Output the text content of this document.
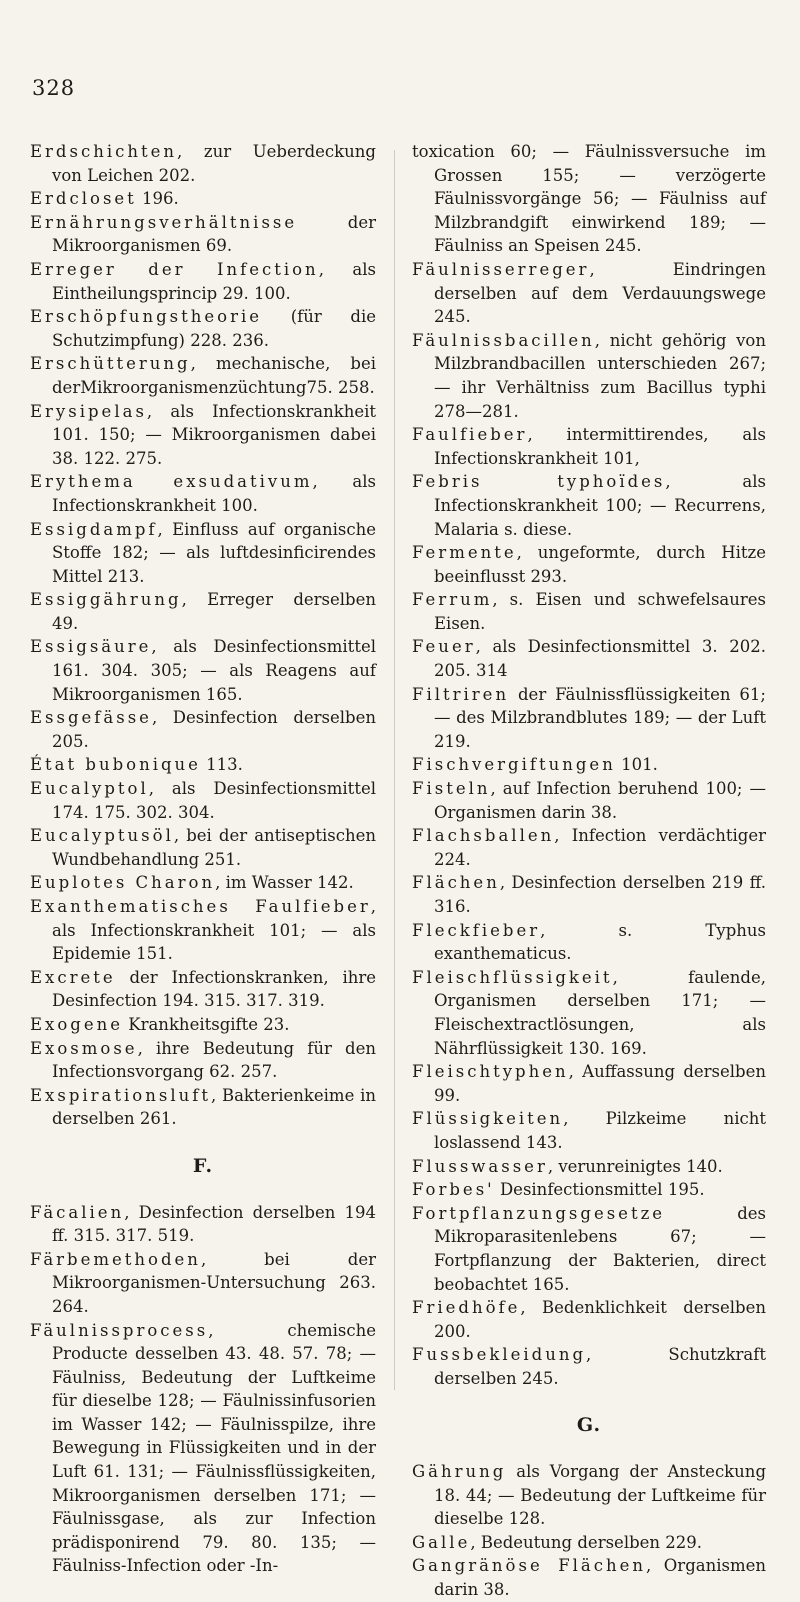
328
Erdschichten, zur Ueberdeckung von Leichen 202.
Erdcloset 196.
Ernährungsverhältnisse der Mikroorganismen 69.
Erreger der Infection, als Eintheilungsprincip 29. 100.
Erschöpfungstheorie (für die Schutzimpfung) 228. 236.
Erschütterung, mechanische, bei derMikroorganismenzüchtung75. 258.
Erysipelas, als Infectionskrankheit 101. 150; — Mikroorganismen dabei 38. 122. 275.
Erythema exsudativum, als Infectionskrankheit 100.
Essigdampf, Einfluss auf organische Stoffe 182; — als luftdesinficirendes Mittel 213.
Essiggährung, Erreger derselben 49.
Essigsäure, als Desinfectionsmittel 161. 304. 305; — als Reagens auf Mikroorganismen 165.
Essgefässe, Desinfection derselben 205.
État bubonique 113.
Eucalyptol, als Desinfectionsmittel 174. 175. 302. 304.
Eucalyptusöl, bei der antiseptischen Wundbehandlung 251.
Euplotes Charon, im Wasser 142.
Exanthematisches Faulfieber, als Infectionskrankheit 101; — als Epidemie 151.
Excrete der Infectionskranken, ihre Desinfection 194. 315. 317. 319.
Exogene Krankheitsgifte 23.
Exosmose, ihre Bedeutung für den Infectionsvorgang 62. 257.
Exspirationsluft, Bakterienkeime in derselben 261.
F.
Fäcalien, Desinfection derselben 194 ff. 315. 317. 519.
Färbemethoden, bei der Mikroorganismen-Untersuchung 263. 264.
Fäulnissprocess, chemische Producte desselben 43. 48. 57. 78; — Fäulniss, Bedeutung der Luftkeime für dieselbe 128; — Fäulnissinfusorien im Wasser 142; — Fäulnisspilze, ihre Bewegung in Flüssigkeiten und in der Luft 61. 131; — Fäulnissflüssigkeiten, Mikroorganismen derselben 171; — Fäulnissgase, als zur Infection prädisponirend 79. 80. 135; — Fäulniss-Infection oder -In-
toxication 60; — Fäulnissversuche im Grossen 155; — verzögerte Fäulnissvorgänge 56; — Fäulniss auf Milzbrandgift einwirkend 189; — Fäulniss an Speisen 245.
Fäulnisserreger, Eindringen derselben auf dem Verdauungswege 245.
Fäulnissbacillen, nicht gehörig von Milzbrandbacillen unterschieden 267; — ihr Verhältniss zum Bacillus typhi 278—281.
Faulfieber, intermittirendes, als Infectionskrankheit 101,
Febris typhoïdes, als Infectionskrankheit 100; — Recurrens, Malaria s. diese.
Fermente, ungeformte, durch Hitze beeinflusst 293.
Ferrum, s. Eisen und schwefelsaures Eisen.
Feuer, als Desinfectionsmittel 3. 202. 205. 314
Filtriren der Fäulnissflüssigkeiten 61; — des Milzbrandblutes 189; — der Luft 219.
Fischvergiftungen 101.
Fisteln, auf Infection beruhend 100; — Organismen darin 38.
Flachsballen, Infection verdächtiger 224.
Flächen, Desinfection derselben 219 ff. 316.
Fleckfieber, s. Typhus exanthematicus.
Fleischflüssigkeit, faulende, Organismen derselben 171; — Fleischextractlösungen, als Nährflüssigkeit 130. 169.
Fleischtyphen, Auffassung derselben 99.
Flüssigkeiten, Pilzkeime nicht loslassend 143.
Flusswasser, verunreinigtes 140.
Forbes' Desinfectionsmittel 195.
Fortpflanzungsgesetze des Mikroparasitenlebens 67; — Fortpflanzung der Bakterien, direct beobachtet 165.
Friedhöfe, Bedenklichkeit derselben 200.
Fussbekleidung, Schutzkraft derselben 245.
G.
Gährung als Vorgang der Ansteckung 18. 44; — Bedeutung der Luftkeime für dieselbe 128.
Galle, Bedeutung derselben 229.
Gangränöse Flächen, Organismen darin 38.
